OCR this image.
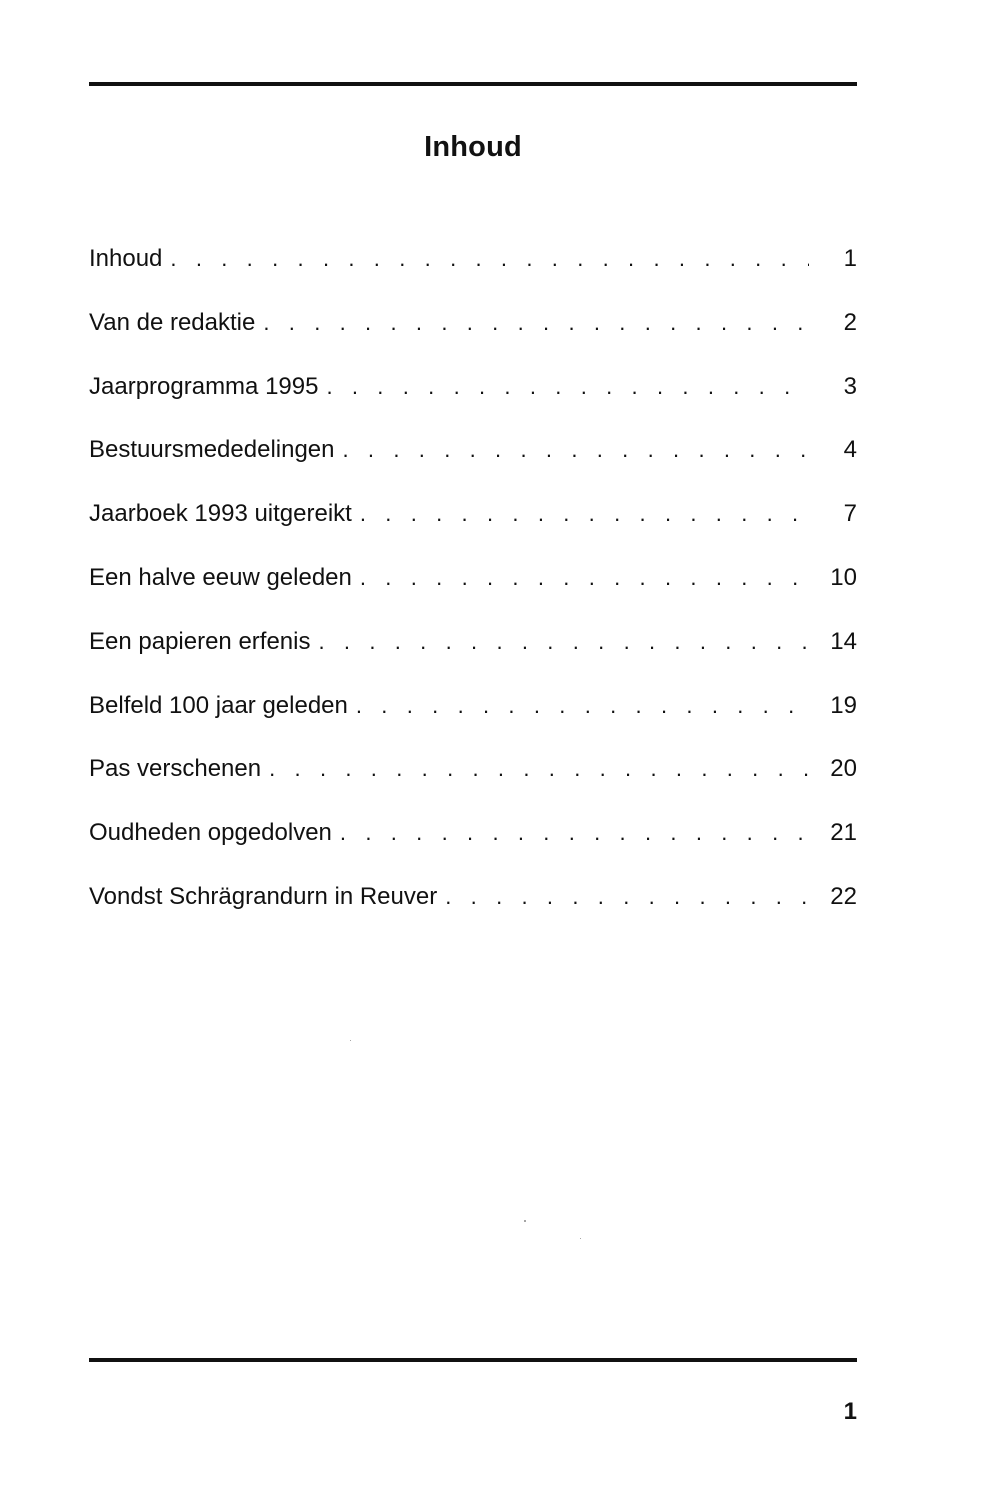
Inhoud
Inhoud . . .	1
Van de redaktie . . .	2
Jaarprogramma 1995 . . .	3
Bestuursmededelingen . . .	4
Jaarboek 1993 uitgereikt . . .	7
Een halve eeuw geleden . . .	10
Een papieren erfenis . . .	14
Belfeld 100 jaar geleden . . .	19
Pas verschenen . . .	20
Oudheden opgedolven . . .	21
Vondst Schrägrandurn in Reuver . . .	22
1
